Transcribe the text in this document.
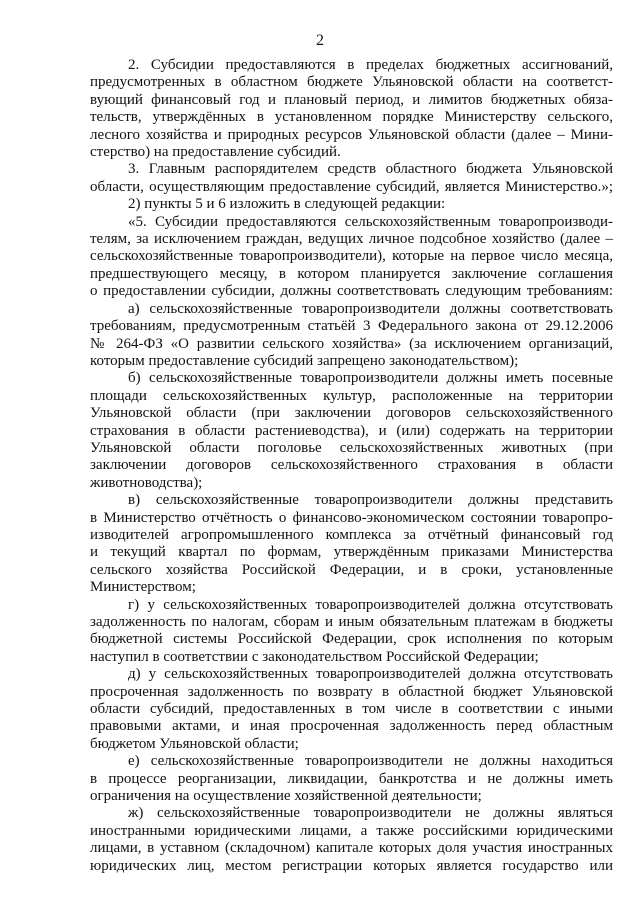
2
2. Субсидии предоставляются в пределах бюджетных ассигнований,
предусмотренных в областном бюджете Ульяновской области на соответст-
вующий финансовый год и плановый период, и лимитов бюджетных обяза-
тельств, утверждённых в установленном порядке Министерству сельского,
лесного хозяйства и природных ресурсов Ульяновской области (далее – Мини-
стерство) на предоставление субсидий.
3. Главным распорядителем средств областного бюджета Ульяновской
области, осуществляющим предоставление субсидий, является Министерство.»;
2) пункты 5 и 6 изложить в следующей редакции:
«5. Субсидии предоставляются сельскохозяйственным товаропроизводи-
телям, за исключением граждан, ведущих личное подсобное хозяйство (далее –
сельскохозяйственные товаропроизводители), которые на первое число месяца,
предшествующего месяцу, в котором планируется заключение соглашения
о предоставлении субсидии, должны соответствовать следующим требованиям:
а) сельскохозяйственные товаропроизводители должны соответствовать
требованиям, предусмотренным статьёй 3 Федерального закона от 29.12.2006
№ 264-ФЗ «О развитии сельского хозяйства» (за исключением организаций,
которым предоставление субсидий запрещено законодательством);
б) сельскохозяйственные товаропроизводители должны иметь посевные
площади сельскохозяйственных культур, расположенные на территории
Ульяновской области (при заключении договоров сельскохозяйственного
страхования в области растениеводства), и (или) содержать на территории
Ульяновской области поголовье сельскохозяйственных животных (при
заключении договоров сельскохозяйственного страхования в области
животноводства);
в) сельскохозяйственные товаропроизводители должны представить
в Министерство отчётность о финансово-экономическом состоянии товаропро-
изводителей агропромышленного комплекса за отчётный финансовый год
и текущий квартал по формам, утверждённым приказами Министерства
сельского хозяйства Российской Федерации, и в сроки, установленные
Министерством;
г) у сельскохозяйственных товаропроизводителей должна отсутствовать
задолженность по налогам, сборам и иным обязательным платежам в бюджеты
бюджетной системы Российской Федерации, срок исполнения по которым
наступил в соответствии с законодательством Российской Федерации;
д) у сельскохозяйственных товаропроизводителей должна отсутствовать
просроченная задолженность по возврату в областной бюджет Ульяновской
области субсидий, предоставленных в том числе в соответствии с иными
правовыми актами, и иная просроченная задолженность перед областным
бюджетом Ульяновской области;
е) сельскохозяйственные товаропроизводители не должны находиться
в процессе реорганизации, ликвидации, банкротства и не должны иметь
ограничения на осуществление хозяйственной деятельности;
ж) сельскохозяйственные товаропроизводители не должны являться
иностранными юридическими лицами, а также российскими юридическими
лицами, в уставном (складочном) капитале которых доля участия иностранных
юридических лиц, местом регистрации которых является государство или
